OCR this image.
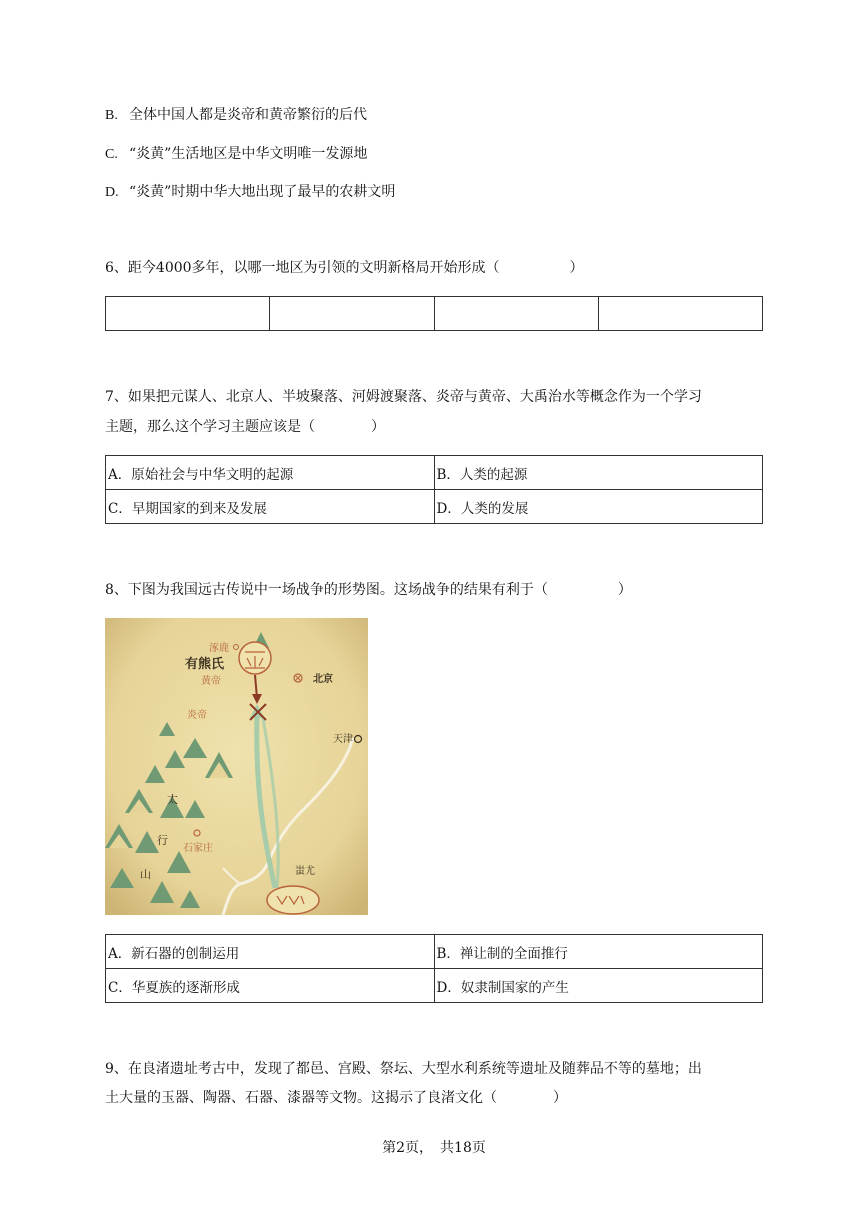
B. 全体中国人都是炎帝和黄帝繁衍的后代
C. “炎黄”生活地区是中华文明唯一发源地
D. “炎黄”时期中华大地出现了最早的农耕文明
6、距今4000多年，以哪一地区为引领的文明新格局开始形成（　　　　　）

7、如果把元谋人、北京人、半坡聚落、河姆渡聚落、炎帝与黄帝、大禹治水等概念作为一个学习
主题，那么这个学习主题应该是（　　　　）
A．原始社会与中华文明的起源	B．人类的起源
C．早期国家的到来及发展	D．人类的发展
8、下图为我国远古传说中一场战争的形势图。这场战争的结果有利于（　　　　　）
涿鹿
有熊氏
黄帝	北京
炎帝
天津
太
行
石家庄
山	蚩尤
A．新石器的创制运用	B．禅让制的全面推行
C．华夏族的逐渐形成	D．奴隶制国家的产生
9、在良渚遗址考古中，发现了都邑、宫殿、祭坛、大型水利系统等遗址及随葬品不等的墓地；出
土大量的玉器、陶器、石器、漆器等文物。这揭示了良渚文化（　　　　）
第2页，　共18页
